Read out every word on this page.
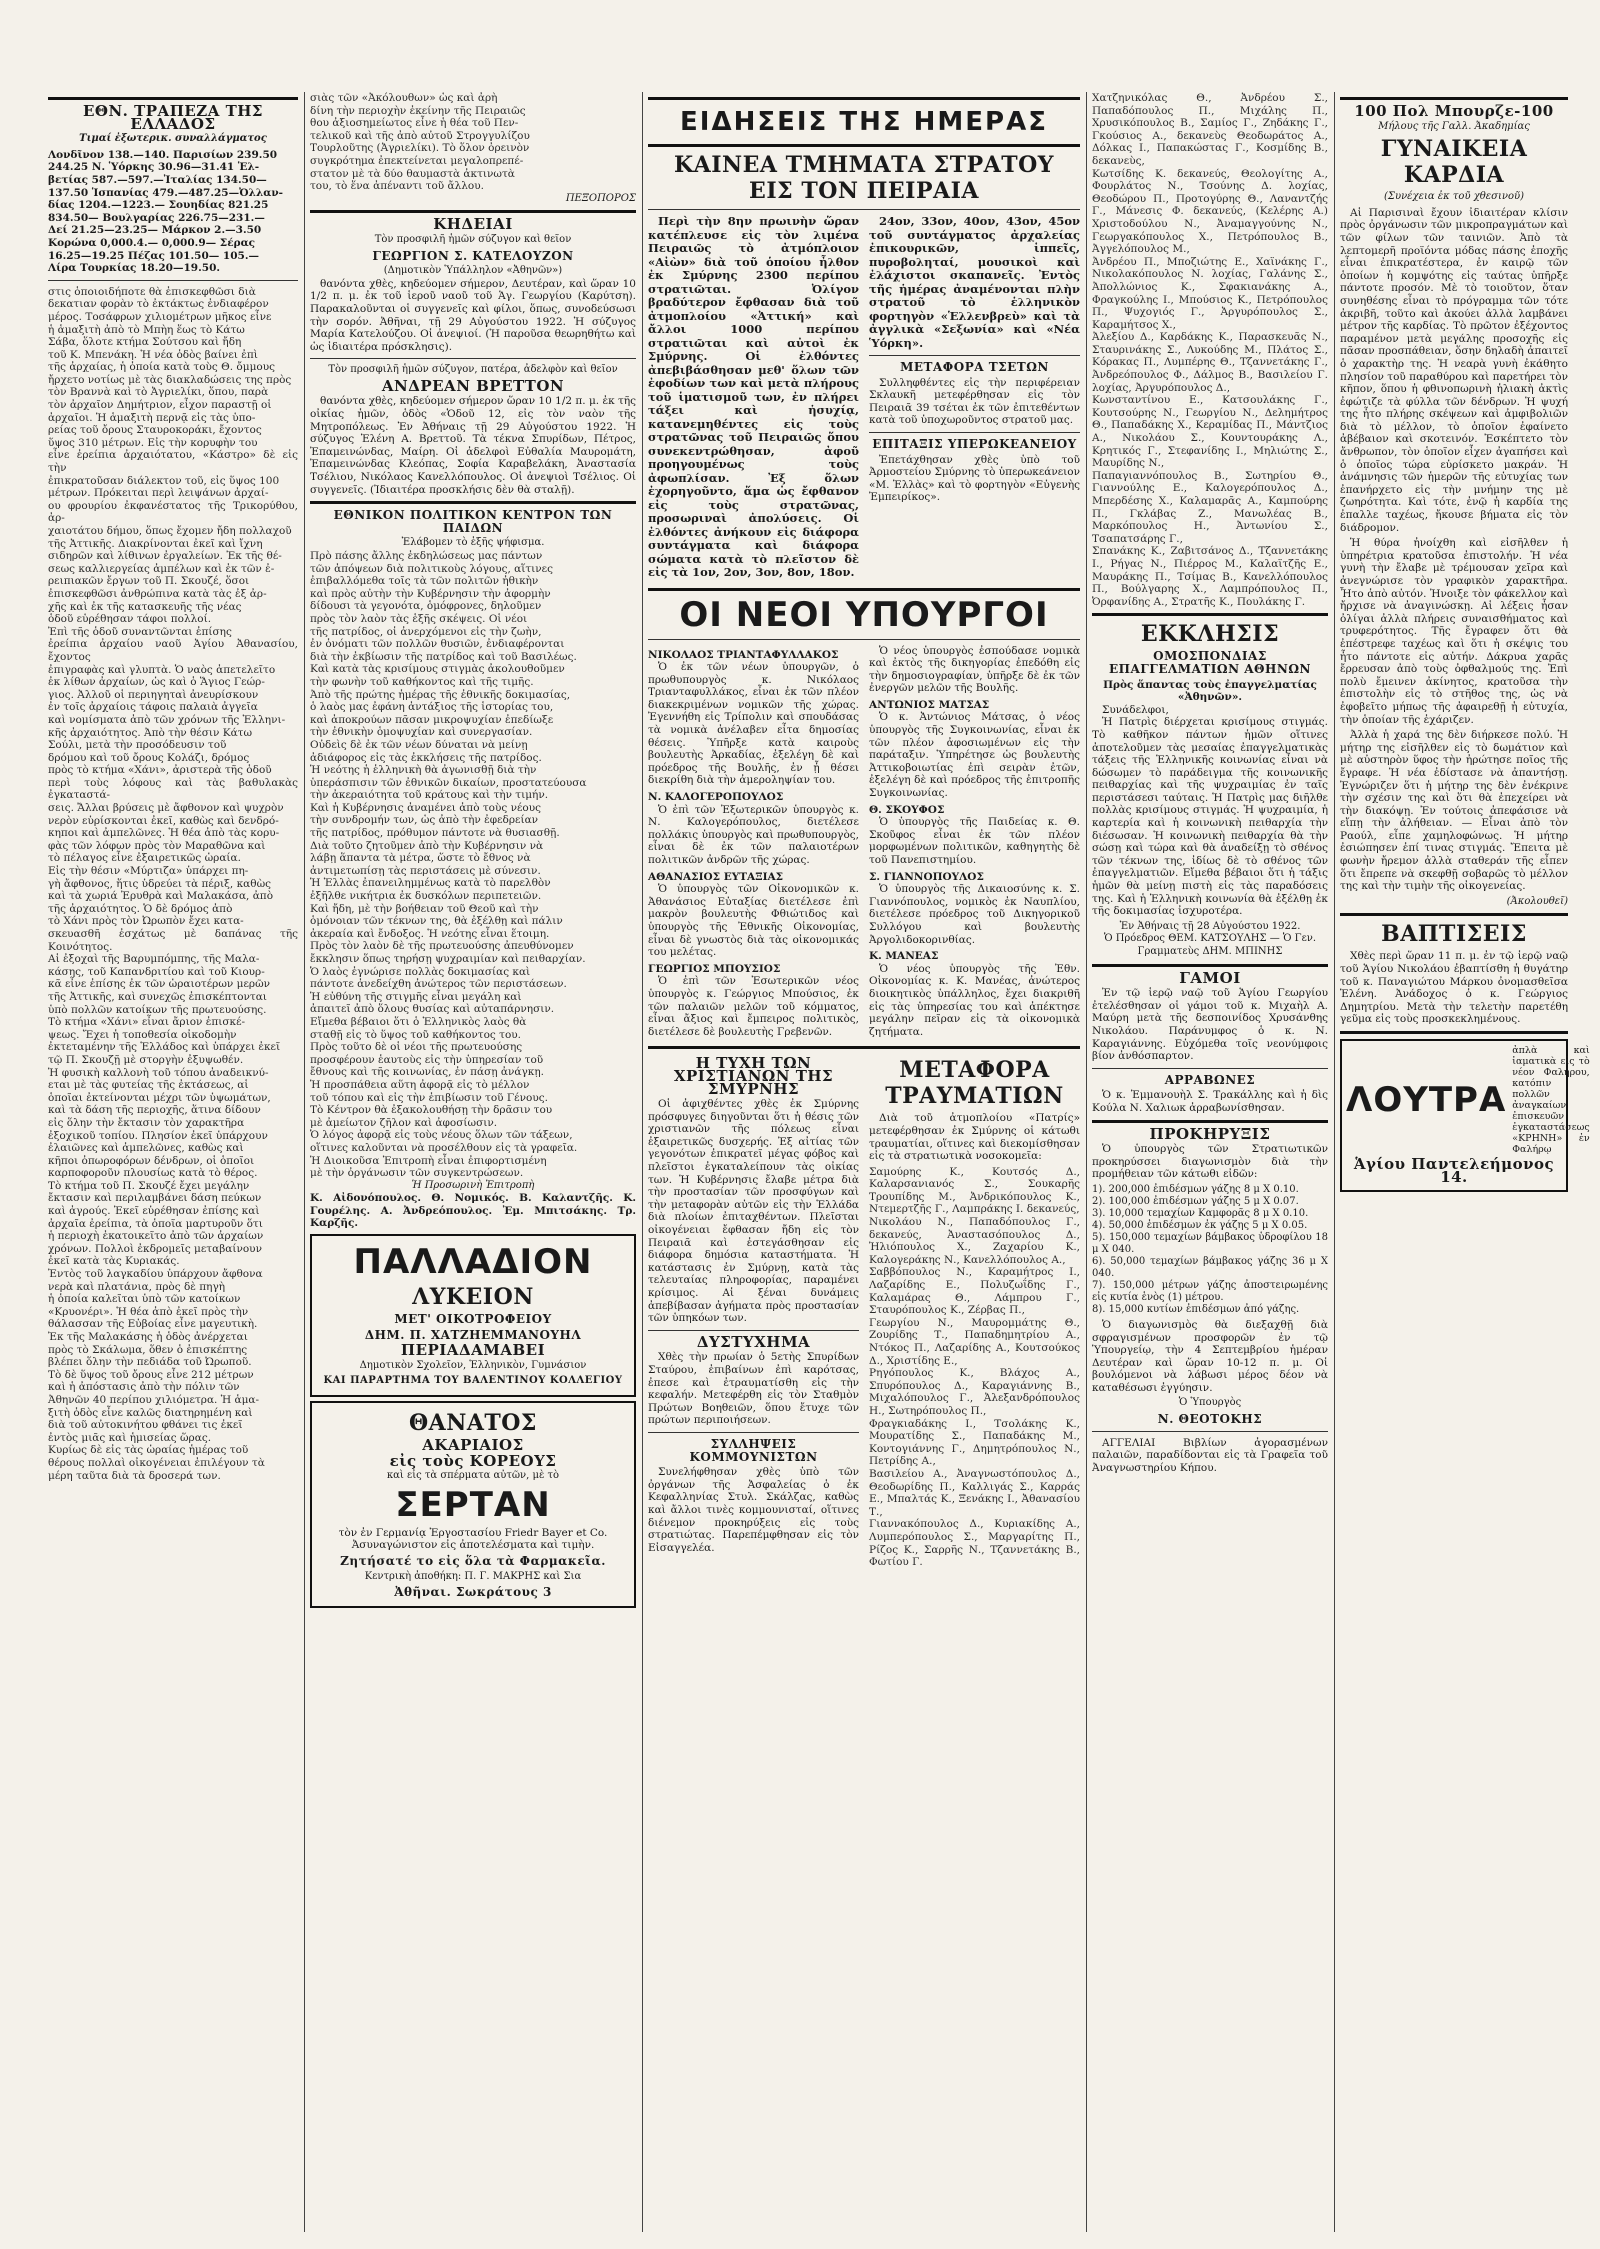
ΕΘΝ. ΤΡΑΠΕΖΑ ΤΗΣ ΕΛΛΑΔΟΣ
Τιμαί ἐξωτερικ. συναλλάγματος
Λονδῖνον 138.—140. Παρισίων 239.50
244.25 Ν. Ὑόρκης 30.96—31.41 Ἑλ-
βετίας 587.—597.—Ἰταλίας 134.50—
137.50 Ἱσπανίας 479.—487.25—Ὀλλαν-
δίας 1204.—1223.— Σουηδίας 821.25
834.50— Βουλγαρίας 226.75—231.—
Δεί 21.25—23.25— Μάρκον 2.—3.50
Κορώνα 0,000.4.— 0,000.9— Σέρας
16.25—19.25 Πέζας 101.50— 105.—
Λίρα Τουρκίας 18.20—19.50.
στις ὁποιοιδήποτε θὰ ἐπισκεφθῶσι διὰ
δεκατιαν φορὰν τὸ ἐκτάκτως ἐνδιαφέρον
μέρος. Τοσάφρων χιλιομέτρων μῆκος εἶνε
ἡ ἁμαξιτὴ ἀπὸ τὸ Μπὴη ἕως τὸ Κάτω
Σάβα, ὅλοτε κτήμα Σούτσου καὶ ἤδη
τοῦ Κ. Μπενάκη. Ἡ νέα ὁδὸς βαίνει ἐπὶ
τῆς ἀρχαίας, ἡ ὁποία κατὰ τοὺς Θ. ὄμμους
ἤρχετο νοτίως μὲ τὰς διακλαδώσεις της πρὸς
τὸν Βραννὰ καὶ τὸ Ἀγριελίκι, ὅπου, παρὰ
τὸν ἀρχαῖον Δημήτριον, εἶχον παραστῇ οἱ
ἀρχαῖοι. Ἡ ἁμαξιτὴ περνᾷ εἰς τὰς ὑπο-
ρείας τοῦ ὄρους Σταυροκοράκι, ἔχοντος
ὕψος 310 μέτρων. Εἰς τὴν κορυφὴν του
εἶνε ἐρείπια ἀρχαιότατου, «Κάστρο» δὲ εἰς τὴν
ἐπικρατοῦσαν διάλεκτον τοῦ, εἰς ὕψος 100
μέτρων. Πρόκειται περὶ λειψάνων ἀρχαί-
ου φρουρίου ἐκφανέστατος τῆς Τρικορύθου, ἀρ-
χαιοτάτου δήμου, ὅπως ἔχομεν ἤδη πολλαχοῦ
τῆς Ἀττικῆς. Διακρίνονται ἐκεῖ καὶ ἴχνη
σιδηρῶν καὶ λίθινων ἐργαλείων. Ἐκ τῆς θέ-
σεως καλλιεργείας ἀμπέλων καὶ ἐκ τῶν ἐ-
ρειπιακῶν ἔργων τοῦ Π. Σκουζέ, ὅσοι
ἐπισκεφθῶσι ἀνθρώπινα κατὰ τὰς ἐξ ἀρ-
χῆς καὶ ἐκ τῆς κατασκευῆς τῆς νέας
ὁδοῦ εὑρέθησαν τάφοι πολλοί.
Ἐπὶ τῆς ὁδοῦ συναντῶνται ἐπίσης
ἐρείπια ἀρχαίου ναοῦ Ἀγίου Ἀθανασίου, ἔχοντος
ἐπιγραφὰς καὶ γλυπτὰ. Ὁ ναὸς ἀπετελεῖτο
ἐκ λίθων ἀρχαίων, ὡς καὶ ὁ Ἅγιος Γεώρ-
γιος. Ἀλλοῦ οἱ περιηγηταὶ ἀνευρίσκουν
ἐν τοῖς ἀρχαίοις τάφοις παλαιὰ ἀγγεῖα
καὶ νομίσματα ἀπὸ τῶν χρόνων τῆς Ἑλληνι-
κῆς ἀρχαιότητος. Ἀπὸ τὴν θέσιν Κάτω
Σούλι, μετὰ τὴν προσόδευσιν τοῦ
δρόμου καὶ τοῦ ὄρους Κολάζι, δρόμος
πρὸς τὸ κτήμα «Χάνι», ἀριστερὰ τῆς ὁδοῦ
περὶ τοὺς λόφους καὶ τὰς βαθυλακὰς ἐγκαταστά-
σεις. Ἄλλαι βρύσεις μὲ ἄφθονον καὶ ψυχρὸν
νερὸν εὑρίσκονται ἐκεῖ, καθὼς καὶ δενδρό-
κηποι καὶ ἀμπελῶνες. Ἡ θέα ἀπὸ τὰς κορυ-
φὰς τῶν λόφων πρὸς τὸν Μαραθῶνα καὶ
τὸ πέλαγος εἶνε ἐξαιρετικῶς ὡραία.
Εἰς τὴν θέσιν «Μύρτιζα» ὑπάρχει πη-
γὴ ἄφθονος, ἥτις ὑδρεύει τὰ πέριξ, καθὼς
καὶ τὰ χωριά Ἐρυθρὰ καὶ Μαλακάσα, ἀπὸ
τῆς ἀρχαιότητος. Ὁ δὲ δρόμος ἀπὸ
τὸ Χάνι πρὸς τὸν Ὠρωπὸν ἔχει κατα-
σκευασθῆ ἐσχάτως μὲ δαπάνας τῆς Κοινότητος.
Αἱ ἐξοχαὶ τῆς Βαρυμπόμπης, τῆς Μαλα-
κάσης, τοῦ Καπανδριτίου καὶ τοῦ Κιουρ-
κᾶ εἶνε ἐπίσης ἐκ τῶν ὡραιοτέρων μερῶν
τῆς Ἀττικῆς, καὶ συνεχῶς ἐπισκέπτονται
ὑπὸ πολλῶν κατοίκων τῆς πρωτευούσης.
Τὸ κτήμα «Χάνι» εἶναι ἄριον ἐπισκέ-
ψεως. Ἔχει ἡ τοποθεσία οἰκοδομὴν
ἐκτεταμένην τῆς Ἑλλάδος καὶ ὑπάρχει ἐκεῖ
τῷ Π. Σκουζῇ μὲ στοργὴν ἐξυψωθέν.
Ἡ φυσικὴ καλλονὴ τοῦ τόπου ἀναδεικνύ-
εται μὲ τὰς φυτείας τῆς ἐκτάσεως, αἱ
ὁποῖαι ἐκτείνονται μέχρι τῶν ὑψωμάτων,
καὶ τὰ δάση τῆς περιοχῆς, ἅτινα δίδουν
εἰς ὅλην τὴν ἔκτασιν τὸν χαρακτῆρα
ἐξοχικοῦ τοπίου. Πλησίον ἐκεῖ ὑπάρχουν
ἐλαιῶνες καὶ ἀμπελῶνες, καθὼς καὶ
κῆποι ὀπωροφόρων δένδρων, οἱ ὁποῖοι
καρποφοροῦν πλουσίως κατὰ τὸ θέρος.
Τὸ κτήμα τοῦ Π. Σκουζέ ἔχει μεγάλην
ἔκτασιν καὶ περιλαμβάνει δάση πεύκων
καὶ ἀγρούς. Ἐκεῖ εὑρέθησαν ἐπίσης καὶ
ἀρχαῖα ἐρείπια, τὰ ὁποῖα μαρτυροῦν ὅτι
ἡ περιοχὴ ἐκατοικεῖτο ἀπὸ τῶν ἀρχαίων
χρόνων. Πολλοὶ ἐκδρομεῖς μεταβαίνουν
ἐκεῖ κατὰ τὰς Κυριακάς.
Ἐντὸς τοῦ λαγκαδίου ὑπάρχουν ἄφθονα
νερὰ καὶ πλατάνια, πρὸς δὲ πηγὴ
ἡ ὁποία καλεῖται ὑπὸ τῶν κατοίκων
«Κρυονέρι». Ἡ θέα ἀπὸ ἐκεῖ πρὸς τὴν
θάλασσαν τῆς Εὐβοίας εἶνε μαγευτικὴ.
Ἐκ τῆς Μαλακάσης ἡ ὁδὸς ἀνέρχεται
πρὸς τὸ Σκάλωμα, ὅθεν ὁ ἐπισκέπτης
βλέπει ὅλην τὴν πεδιάδα τοῦ Ὠρωποῦ.
Τὸ δὲ ὕψος τοῦ ὄρους εἶνε 212 μέτρων
καὶ ἡ ἀπόστασις ἀπὸ τὴν πόλιν τῶν
Ἀθηνῶν 40 περίπου χιλιόμετρα. Ἡ ἁμα-
ξιτὴ ὁδὸς εἶνε καλῶς διατηρημένη καὶ
διὰ τοῦ αὐτοκινήτου φθάνει τις ἐκεῖ
ἐντὸς μιᾶς καὶ ἡμισείας ὥρας.
Κυρίως δὲ εἰς τὰς ὡραίας ἡμέρας τοῦ
θέρους πολλαὶ οἰκογένειαι ἐπιλέγουν τὰ
μέρη ταῦτα διὰ τὰ δροσερά των.
σιὰς τῶν «Ἀκόλουθων» ὡς καὶ ἀρὴ
δίνη τὴν περιοχὴν ἐκείνην τῆς Πειραιῶς
θου ἀξιοσημείωτος εἶνε ἡ θέα τοῦ Πεν-
τελικοῦ καὶ τῆς ἀπὸ αὐτοῦ Στρογγυλίζου
Τουρλοῦτης (Ἀγριελίκι). Τὸ ὅλον ὀρεινὸν
συγκρότημα ἐπεκτείνεται μεγαλοπρεπέ-
στατον μὲ τὰ δύο θαυμαστὰ ἀκτινωτὰ
του, τὸ ἕνα ἀπέναντι τοῦ ἄλλου.
ΠΕΞΟΠΟΡΟΣ
ΚΗΔΕΙΑΙ
Τὸν προσφιλῆ ἡμῶν σύζυγον καὶ θεῖον
ΓΕΩΡΓΙΟΝ Σ. ΚΑΤΕΛΟΥΖΟΝ
(Δημοτικὸν Ὑπάλληλον «Ἀθηνῶν»)

θανόντα χθὲς, κηδεύομεν σήμερον, Δευτέραν, καὶ ὥραν 10 1/2 π. μ. ἐκ τοῦ ἱεροῦ ναοῦ τοῦ Ἁγ. Γεωργίου (Καρύτση). Παρακαλοῦνται οἱ συγγενεῖς καὶ φίλοι, ὅπως, συνοδεύσωσι τὴν σορόν. Ἀθῆναι, τῇ 29 Αὐγούστου 1922. Ἡ σύζυγος Μαρία Κατελούζου. Οἱ ἀνεψιοί. (Ἡ παροῦσα θεωρηθήτω καὶ ὡς ἰδιαιτέρα πρόσκλησις).

Τὸν προσφιλῆ ἡμῶν σύζυγον, πατέρα, ἀδελφὸν καὶ θεῖον
ΑΝΔΡΕΑΝ ΒΡΕΤΤΟΝ

θανόντα χθὲς, κηδεύομεν σήμερον ὥραν 10 1/2 π. μ. ἐκ τῆς οἰκίας ἡμῶν, ὁδὸς «Ὁδοῦ 12, εἰς τὸν ναὸν τῆς Μητροπόλεως. Ἐν Ἀθήναις τῇ 29 Αὐγούστου 1922. Ἡ σύζυγος Ἑλένη Α. Βρεττοῦ. Τὰ τέκνα Σπυρίδων, Πέτρος, Ἐπαμεινώνδας, Μαίρη. Οἱ ἀδελφοὶ Εὐθαλία Μαυρομάτη, Ἐπαμεινώνδας Κλεόπας, Σοφία Καραβελάκη, Ἀναστασία Τσέλιου, Νικόλαος Κανελλόπουλος. Οἱ ἀνεψιοὶ Τσέλιος. Οἱ συγγενεῖς. (Ἰδιαιτέρα προσκλήσις δὲν θὰ σταλῇ).

ΕΘΝΙΚΟΝ ΠΟΛΙΤΙΚΟΝ ΚΕΝΤΡΟΝ ΤΩΝ ΠΑΙΔΩΝ
Ἐλάβομεν τὸ ἑξῆς ψήφισμα.
Πρὸ πάσης ἄλλης ἐκδηλώσεως μας πάντων
τῶν ἀπόψεων διὰ πολιτικοὺς λόγους, αἵτινες
ἐπιβαλλόμεθα τοῖς τὰ τῶν πολιτῶν ἠθικὴν
καὶ πρὸς αὐτὴν τὴν Κυβέρνησιν τὴν ἀφορμὴν
δίδουσι τὰ γεγονότα, ὁμόφρονες, δηλοῦμεν
πρὸς τὸν λαὸν τὰς ἑξῆς σκέψεις. Οἱ νέοι
τῆς πατρίδος, οἱ ἀνερχόμενοι εἰς τὴν ζωὴν,
ἐν ὀνόματι τῶν πολλῶν θυσιῶν, ἐνδιαφέρονται
διὰ τὴν ἐκβίωσιν τῆς πατρίδος καὶ τοῦ Βασιλέως.
Καὶ κατὰ τὰς κρισίμους στιγμὰς ἀκολουθοῦμεν
τὴν φωνὴν τοῦ καθήκοντος καὶ τῆς τιμῆς.
Ἀπὸ τῆς πρώτης ἡμέρας τῆς ἐθνικῆς δοκιμασίας,
ὁ λαὸς μας ἐφάνη ἀντάξιος τῆς ἱστορίας του,
καὶ ἀποκρούων πᾶσαν μικροψυχίαν ἐπεδίωξε
τὴν ἐθνικὴν ὁμοψυχίαν καὶ συνεργασίαν.
Οὐδεὶς δὲ ἐκ τῶν νέων δύναται νὰ μείνῃ
ἀδιάφορος εἰς τὰς ἐκκλήσεις τῆς πατρίδος.
Ἡ νεότης ἡ ἑλληνικὴ θὰ ἀγωνισθῇ διὰ τὴν
ὑπεράσπισιν τῶν ἐθνικῶν δικαίων, προστατεύουσα
τὴν ἀκεραιότητα τοῦ κράτους καὶ τὴν τιμήν.
Καὶ ἡ Κυβέρνησις ἀναμένει ἀπὸ τοὺς νέους
τὴν συνδρομήν των, ὡς ἀπὸ τὴν ἐφεδρείαν
τῆς πατρίδος, πρόθυμον πάντοτε νὰ θυσιασθῇ.
Διὰ τοῦτο ζητοῦμεν ἀπὸ τὴν Κυβέρνησιν νὰ
λάβῃ ἅπαντα τὰ μέτρα, ὥστε τὸ ἔθνος νὰ
ἀντιμετωπίσῃ τὰς περιστάσεις μὲ σύνεσιν.
Ἡ Ἑλλὰς ἐπανειλημμένως κατὰ τὸ παρελθὸν
ἐξῆλθε νικήτρια ἐκ δυσκόλων περιπετειῶν.
Καὶ ἤδη, μὲ τὴν βοήθειαν τοῦ Θεοῦ καὶ τὴν
ὁμόνοιαν τῶν τέκνων της, θὰ ἐξέλθῃ καὶ πάλιν
ἀκεραία καὶ ἔνδοξος. Ἡ νεότης εἶναι ἕτοιμη.
Πρὸς τὸν λαὸν δὲ τῆς πρωτευούσης ἀπευθύνομεν
ἔκκλησιν ὅπως τηρήσῃ ψυχραιμίαν καὶ πειθαρχίαν.
Ὁ λαὸς ἐγνώρισε πολλὰς δοκιμασίας καὶ
πάντοτε ἀνεδείχθη ἀνώτερος τῶν περιστάσεων.
Ἡ εὐθύνη τῆς στιγμῆς εἶναι μεγάλη καὶ
ἀπαιτεῖ ἀπὸ ὅλους θυσίας καὶ αὐταπάρνησιν.
Εἴμεθα βέβαιοι ὅτι ὁ Ἑλληνικὸς λαὸς θὰ
σταθῇ εἰς τὸ ὕψος τοῦ καθήκοντος του.
Πρὸς τοῦτο δὲ οἱ νέοι τῆς πρωτευούσης
προσφέρουν ἑαυτοὺς εἰς τὴν ὑπηρεσίαν τοῦ
ἔθνους καὶ τῆς κοινωνίας, ἐν πάσῃ ἀνάγκῃ.
Ἡ προσπάθεια αὕτη ἀφορᾷ εἰς τὸ μέλλον
τοῦ τόπου καὶ εἰς τὴν ἐπιβίωσιν τοῦ Γένους.
Τὸ Κέντρον θὰ ἐξακολουθήσῃ τὴν δρᾶσιν του
μὲ ἀμείωτον ζῆλον καὶ ἀφοσίωσιν.
Ὁ λόγος ἀφορᾷ εἰς τοὺς νέους ὅλων τῶν τάξεων,
οἵτινες καλοῦνται νὰ προσέλθουν εἰς τὰ γραφεῖα.
Ἡ Διοικοῦσα Ἐπιτροπὴ εἶναι ἐπιφορτισμένη
μὲ τὴν ὀργάνωσιν τῶν συγκεντρώσεων.
Ἡ Προσωρινὴ Ἐπιτροπὴ

Κ. Αἰδονόπουλος. Θ. Νομικός. Β. Καλαντζῆς. Κ. Γουρέλης. Α. Ἀνδρεόπουλος. Ἐμ. Μπιτσάκης. Τρ. Καρζῆς.

ΠΑΛΛΑΔΙΟΝ
ΛΥΚΕΙΟΝ
ΜΕΤ' ΟΙΚΟΤΡΟΦΕΙΟΥ
ΔΗΜ. Π. ΧΑΤΖΗΕΜΜΑΝΟΥΗΛ
ΠΕΡΙΑΔΑΜΑΒΕΙ
Δημοτικὸν Σχολεῖον, Ἑλληνικὸν, Γυμνάσιον
ΚΑΙ ΠΑΡΑΡΤΗΜΑ ΤΟΥ ΒΑΛΕΝΤΙΝΟΥ ΚΟΛΛΕΓΙΟΥ
ΘΑΝΑΤΟΣ
ΑΚΑΡΙΑΙΟΣ
εἰς τοὺς ΚΟΡΕΟΥΣ
καὶ εἰς τὰ σπέρματα αὐτῶν, μὲ τὸ
ΣΕΡΤΑΝ

τὸν ἐν Γερμανίᾳ Ἐργοστασίου Friedr Bayer et Co. Ἀσυναγώνιστον εἰς ἀποτελέσματα καὶ τιμὴν.

Ζητήσατέ το εἰς ὅλα τὰ Φαρμακεῖα.
Κεντρικὴ ἀποθήκη: Π. Γ. ΜΑΚΡΗΣ καὶ Σια
Ἀθῆναι. Σωκράτους 3
ΕΙΔΗΣΕΙΣ ΤΗΣ ΗΜΕΡΑΣ
ΚΑΙΝΕΑ ΤΜΗΜΑΤΑ ΣΤΡΑΤΟΥ ΕΙΣ ΤΟΝ ΠΕΙΡΑΙΑ

Περὶ τὴν 8ην πρωινὴν ὥραν κατέπλευσε εἰς τὸν λιμένα Πειραιῶς τὸ ἀτμόπλοιον «Αἰὼν» διὰ τοῦ ὁποίου ἦλθον ἐκ Σμύρνης 2300 περίπου στρατιῶται. Ὀλίγον βραδύτερον ἔφθασαν διὰ τοῦ ἀτμοπλοίου «Ἀττική» καὶ ἄλλοι 1000 περίπου στρατιῶται καὶ αὐτοὶ ἐκ Σμύρνης. Οἱ ἐλθόντες ἀπεβιβάσθησαν μεθ' ὅλων τῶν ἐφοδίων των καὶ μετὰ πλήρους τοῦ ἱματισμοῦ των, ἐν πλήρει τάξει καὶ ἡσυχίᾳ, κατανεμηθέντες εἰς τοὺς στρατῶνας τοῦ Πειραιῶς ὅπου συνεκεντρώθησαν, ἀφοῦ προηγουμένως τοὺς ἀφωπλίσαν. Ἐξ ὅλων ἐχορηγοῦντο, ἅμα ὡς ἔφθανον εἰς τοὺς στρατῶνας, προσωριναὶ ἀπολύσεις. Οἱ ἐλθόντες ἀνήκουν εἰς διάφορα συντάγματα καὶ διάφορα σώματα κατὰ τὸ πλεῖστον δὲ εἰς τὰ 1ον, 2ον, 3ον, 8ον, 18ον.

24ον, 33ον, 40ον, 43ον, 45ον τοῦ συντάγματος ἀρχαλείας ἐπικουρικῶν, ἱππεῖς, πυροβοληταί, μουσικοὶ καὶ ἐλάχιστοι σκαπανεῖς. Ἐντὸς τῆς ἡμέρας ἀναμένονται πλὴν στρατοῦ τὸ ἑλληνικὸν φορτηγὸν «Ἑλλενβρεὺ» καὶ τὰ ἀγγλικὰ «Σεξωνία» καὶ «Νέα Ὑόρκη».

ΜΕΤΑΦΟΡΑ ΤΣΕΤΩΝ

Συλληφθέντες εἰς τὴν περιφέρειαν Σκλαυκῆ μετεφέρθησαν εἰς τὸν Πειραιᾶ 39 τσέται ἐκ τῶν ἐπιτεθέντων κατὰ τοῦ ὑποχωροῦντος στρατοῦ μας.

ΕΠΙΤΑΞΙΣ ΥΠΕΡΩΚΕΑΝΕΙΟΥ

Ἐπετάχθησαν χθὲς ὑπὸ τοῦ Ἀρμοστείου Σμύρνης τὸ ὑπερωκεάνειον «Μ. Ἑλλὰς» καὶ τὸ φορτηγὸν «Εὐγενὴς Ἐμπειρίκος».

ΟΙ ΝΕΟΙ ΥΠΟΥΡΓΟΙ
ΝΙΚΟΛΑΟΣ ΤΡΙΑΝΤΑΦΥΛΛΑΚΟΣ

Ὁ ἐκ τῶν νέων ὑπουργῶν, ὁ πρωθυπουργὸς κ. Νικόλαος Τριανταφυλλάκος, εἶναι ἐκ τῶν πλέον διακεκριμένων νομικῶν τῆς χώρας. Ἐγεννήθη εἰς Τρίπολιν καὶ σπουδάσας τὰ νομικὰ ἀνέλαβεν εἶτα δημοσίας θέσεις. Ὑπῆρξε κατὰ καιροὺς βουλευτὴς Ἀρκαδίας, ἐξελέγη δὲ καὶ πρόεδρος τῆς Βουλῆς, ἐν ᾗ θέσει διεκρίθη διὰ τὴν ἀμεροληψίαν του.

Ν. ΚΑΛΟΓΕΡΟΠΟΥΛΟΣ

Ὁ ἐπὶ τῶν Ἐξωτερικῶν ὑπουργὸς κ. Ν. Καλογερόπουλος, διετέλεσε πολλάκις ὑπουργὸς καὶ πρωθυπουργὸς, εἶναι δὲ ἐκ τῶν παλαιοτέρων πολιτικῶν ἀνδρῶν τῆς χώρας.

ΑΘΑΝΑΣΙΟΣ ΕΥΤΑΞΙΑΣ

Ὁ ὑπουργὸς τῶν Οἰκονομικῶν κ. Ἀθανάσιος Εὐταξίας διετέλεσε ἐπὶ μακρὸν βουλευτὴς Φθιώτιδος καὶ ὑπουργὸς τῆς Ἐθνικῆς Οἰκονομίας, εἶναι δὲ γνωστὸς διὰ τὰς οἰκονομικάς του μελέτας.

ΓΕΩΡΓΙΟΣ ΜΠΟΥΣΙΟΣ

Ὁ ἐπὶ τῶν Ἐσωτερικῶν νέος ὑπουργὸς κ. Γεώργιος Μπούσιος, ἐκ τῶν παλαιῶν μελῶν τοῦ κόμματος, εἶναι ἄξιος καὶ ἔμπειρος πολιτικὸς, διετέλεσε δὲ βουλευτὴς Γρεβενῶν.

Ὁ νέος ὑπουργὸς ἐσπούδασε νομικὰ καὶ ἐκτὸς τῆς δικηγορίας ἐπεδόθη εἰς τὴν δημοσιογραφίαν, ὑπῆρξε δὲ ἐκ τῶν ἐνεργῶν μελῶν τῆς Βουλῆς.

ΑΝΤΩΝΙΟΣ ΜΑΤΣΑΣ

Ὁ κ. Ἀντώνιος Μάτσας, ὁ νέος ὑπουργὸς τῆς Συγκοινωνίας, εἶναι ἐκ τῶν πλέον ἀφοσιωμένων εἰς τὴν παράταξιν. Ὑπηρέτησε ὡς βουλευτὴς Ἀττικοβοιωτίας ἐπὶ σειρὰν ἐτῶν, ἐξελέγη δὲ καὶ πρόεδρος τῆς ἐπιτροπῆς Συγκοινωνίας.

Θ. ΣΚΟΥΦΟΣ

Ὁ ὑπουργὸς τῆς Παιδείας κ. Θ. Σκοῦφος εἶναι ἐκ τῶν πλέον μορφωμένων πολιτικῶν, καθηγητὴς δὲ τοῦ Πανεπιστημίου.

Σ. ΓΙΑΝΝΟΠΟΥΛΟΣ

Ὁ ὑπουργὸς τῆς Δικαιοσύνης κ. Σ. Γιαννόπουλος, νομικὸς ἐκ Ναυπλίου, διετέλεσε πρόεδρος τοῦ Δικηγορικοῦ Συλλόγου καὶ βουλευτὴς Ἀργολιδοκορινθίας.

Κ. ΜΑΝΕΑΣ

Ὁ νέος ὑπουργὸς τῆς Ἐθν. Οἰκονομίας κ. Κ. Μανέας, ἀνώτερος διοικητικὸς ὑπάλληλος, ἔχει διακριθῆ εἰς τὰς ὑπηρεσίας του καὶ ἀπέκτησε μεγάλην πεῖραν εἰς τὰ οἰκονομικὰ ζητήματα.

Η ΤΥΧΗ ΤΩΝ ΧΡΙΣΤΙΑΝΩΝ ΤΗΣ ΣΜΥΡΝΗΣ

Οἱ ἀφιχθέντες χθὲς ἐκ Σμύρνης πρόσφυγες διηγοῦνται ὅτι ἡ θέσις τῶν χριστιανῶν τῆς πόλεως εἶναι ἐξαιρετικῶς δυσχερής. Ἐξ αἰτίας τῶν γεγονότων ἐπικρατεῖ μέγας φόβος καὶ πλεῖστοι ἐγκαταλείπουν τὰς οἰκίας των. Ἡ Κυβέρνησις ἔλαβε μέτρα διὰ τὴν προστασίαν τῶν προσφύγων καὶ τὴν μεταφορὰν αὐτῶν εἰς τὴν Ἑλλάδα διὰ πλοίων ἐπιταχθέντων. Πλεῖσται οἰκογένειαι ἔφθασαν ἤδη εἰς τὸν Πειραιᾶ καὶ ἐστεγάσθησαν εἰς διάφορα δημόσια καταστήματα. Ἡ κατάστασις ἐν Σμύρνῃ, κατὰ τὰς τελευταίας πληροφορίας, παραμένει κρίσιμος. Αἱ ξέναι δυνάμεις ἀπεβίβασαν ἀγήματα πρὸς προστασίαν τῶν ὑπηκόων των.

ΔΥΣΤΥΧΗΜΑ

Χθὲς τὴν πρωίαν ὁ 5ετὴς Σπυρίδων Σταύρου, ἐπιβαίνων ἐπὶ καρότσας, ἐπεσε καὶ ἐτραυματίσθη εἰς τὴν κεφαλήν. Μετεφέρθη εἰς τὸν Σταθμὸν Πρώτων Βοηθειῶν, ὅπου ἔτυχε τῶν πρώτων περιποιήσεων.

ΣΥΛΛΗΨΕΙΣ ΚΟΜΜΟΥΝΙΣΤΩΝ

Συνελήφθησαν χθὲς ὑπὸ τῶν ὀργάνων τῆς Ἀσφαλείας ὁ ἐκ Κεφαλληνίας Στυλ. Σκάλζας, καθὼς καὶ ἄλλοι τινὲς κομμουνισταί, οἵτινες διένεμον προκηρύξεις εἰς τοὺς στρατιώτας. Παρεπέμφθησαν εἰς τὸν Εἰσαγγελέα.

ΜΕΤΑΦΟΡΑ ΤΡΑΥΜΑΤΙΩΝ

Διὰ τοῦ ἀτμοπλοίου «Πατρίς» μετεφέρθησαν ἐκ Σμύρνης οἱ κάτωθι τραυματίαι, οἵτινες καὶ διεκομίσθησαν εἰς τὰ στρατιωτικὰ νοσοκομεῖα:

Σαμούρης Κ., Κουτσός Δ., Καλαρσανιανός Σ., Σουκαρῆς Τρουπίδης Μ., Ἀνδρικόπουλος Κ., Ντεμερτζῆς Γ., Λαμπράκης Ι. δεκανεύς,
Νικολάου Ν., Παπαδόπουλος Γ., δεκανεύς, Ἀναστασόπουλος Δ., Ἠλιόπουλος Χ., Ζαχαρίου Κ., Καλογεράκης Ν., Κανελλόπουλος Α.,
Σαββόπουλος Ν., Καραμήτρος Ι., Λαζαρίδης Ε., Πολυζωΐδης Γ., Καλαμάρας Θ., Λάμπρου Γ., Σταυρόπουλος Κ., Ζέρβας Π.,
Γεωργίου Ν., Μαυρομμάτης Θ., Ζουρίδης Τ., Παπαδημητρίου Α., Ντόκος Π., Λαζαρίδης Α., Κουτσούκος Δ., Χριστίδης Ε.,
Ρηγόπουλος Κ., Βλάχος Α., Σπυρόπουλος Δ., Καραγιάννης Β., Μιχαλόπουλος Γ., Ἀλεξανδρόπουλος Η., Σωτηρόπουλος Π.,
Φραγκιαδάκης Ι., Τσολάκης Κ., Μουρατίδης Σ., Παπαδάκης Μ., Κοντογιάννης Γ., Δημητρόπουλος Ν., Πετρίδης Α.,
Βασιλείου Α., Ἀναγνωστόπουλος Δ., Θεοδωρίδης Π., Καλλιγάς Σ., Καρράς Ε., Μπαλτάς Κ., Ξενάκης Ι., Ἀθανασίου Τ.,
Γιαννακόπουλος Δ., Κυριακίδης Α., Λυμπερόπουλος Σ., Μαργαρίτης Π., Ρίζος Κ., Σαρρῆς Ν., Τζαννετάκης Β., Φωτίου Γ.
Χατζηνικόλας Θ., Ἀνδρέου Σ., Παπαδόπουλος Π., Μιχάλης Π., Χρυσικόπουλος Β., Σαμίος Γ., Ζηδάκης Γ., Γκούσιος Α., δεκανεὺς Θεοδωράτος Α., Δόλκας Ι., Παπακώστας Γ., Κοσμίδης Β., δεκανεὺς,
Κωτσίδης Κ. δεκανεύς, Θεολογίτης Α., Φουρλάτος Ν., Τσούνης Δ. λοχίας, Θεοδώρου Π., Προτογύρης Θ., Λαναντζής Γ., Μάνεσις Φ. δεκανεύς, (Κελέρης Α.) Χριστοδούλου Ν., Ἀναμαγγούνης Ν., Γεωργακόπουλος Χ., Πετρόπουλος Β., Ἀγγελόπουλος Μ.,
Ἀνδρέου Π., Μποζιώτης Ε., Χαϊνάκης Γ., Νικολακόπουλος Ν. λοχίας, Γαλάνης Σ., Ἀπολλώνιος Κ., Σφακιανάκης Α., Φραγκούλης Ι., Μπούσιος Κ., Πετρόπουλος Π., Ψυχογιός Γ., Ἀργυρόπουλος Σ., Καραμήτσος Χ.,
Ἀλεξίου Δ., Καρδάκης Κ., Παρασκευᾶς Ν., Σταυρινάκης Σ., Λυκούδης Μ., Πλάτος Σ., Κόρακας Π., Λυμπέρης Θ., Τζαννετάκης Γ., Ἀνδρεόπουλος Φ., Δάλμος Β., Βασιλείου Γ. λοχίας, Ἀργυρόπουλος Δ.,
Κωνσταντίνου Ε., Κατσουλάκης Γ., Κουτσούρης Ν., Γεωργίου Ν., Δελημήτρος Θ., Παπαδάκης Χ., Κεραμίδας Π., Μάντζιος Α., Νικολάου Σ., Κουντουράκης Λ., Κρητικός Γ., Στεφανίδης Ι., Μηλιώτης Σ., Μαυρίδης Ν.,
Παπαγιαννόπουλος Β., Σωτηρίου Θ., Γιαννούλης Ε., Καλογερόπουλος Δ., Μπερδέσης Χ., Καλαμαρᾶς Α., Καμπούρης Π., Γκλάβας Ζ., Μανωλέας Β., Μαρκόπουλος Η., Ἀντωνίου Σ., Τσαπατσάρης Γ.,
Σπανάκης Κ., Ζαβιτσάνος Δ., Τζαννετάκης Ι., Ρήγας Ν., Πιέρρος Μ., Καλαϊτζῆς Ε., Μαυράκης Π., Τσίμας Β., Κανελλόπουλος Π., Βούλγαρης Χ., Λαμπρόπουλος Π., Ὀρφανίδης Α., Στρατῆς Κ., Πουλάκης Γ.
ΕΚΚΛΗΣΙΣ
ΟΜΟΣΠΟΝΔΙΑΣ ΕΠΑΓΓΕΛΜΑΤΙΩΝ ΑΘΗΝΩΝ
Πρὸς ἅπαντας τοὺς ἐπαγγελματίας «Ἀθηνῶν».
Συνάδελφοι,

Ἡ Πατρὶς διέρχεται κρισίμους στιγμάς. Τὸ καθῆκον πάντων ἡμῶν οἵτινες ἀποτελοῦμεν τὰς μεσαίας ἐπαγγελματικὰς τάξεις τῆς Ἑλληνικῆς κοινωνίας εἶναι νὰ δώσωμεν τὸ παράδειγμα τῆς κοινωνικῆς πειθαρχίας καὶ τῆς ψυχραιμίας ἐν ταῖς περιστάσεσι ταύταις. Ἡ Πατρὶς μας διῆλθε πολλὰς κρισίμους στιγμάς. Ἡ ψυχραιμία, ἡ καρτερία καὶ ἡ κοινωνικὴ πειθαρχία τὴν διέσωσαν. Ἡ κοινωνικὴ πειθαρχία θὰ τὴν σώσῃ καὶ τώρα καὶ θὰ ἀναδείξῃ τὸ σθένος τῶν τέκνων της, ἰδίως δὲ τὸ σθένος τῶν ἐπαγγελματιῶν. Εἴμεθα βέβαιοι ὅτι ἡ τάξις ἡμῶν θὰ μείνῃ πιστὴ εἰς τὰς παραδόσεις της. Καὶ ἡ Ἑλληνικὴ κοινωνία θὰ ἐξέλθῃ ἐκ τῆς δοκιμασίας ἰσχυροτέρα.

Ἐν Ἀθήναις τῇ 28 Αὐγούστου 1922.
Ὁ Πρόεδρος ΘΕΜ. ΚΑΤΣΟΥΛΗΣ — Ὁ Γεν. Γραμματεὺς ΔΗΜ. ΜΠΙΝΗΣ
ΓΑΜΟΙ

Ἐν τῷ ἱερῷ ναῷ τοῦ Ἁγίου Γεωργίου ἐτελέσθησαν οἱ γάμοι τοῦ κ. Μιχαὴλ Α. Μαύρη μετὰ τῆς δεσποινίδος Χρυσάνθης Νικολάου. Παράνυμφος ὁ κ. Ν. Καραγιάννης. Εὐχόμεθα τοῖς νεονύμφοις βίον ἀνθόσπαρτον.

ΑΡΡΑΒΩΝΕΣ

Ὁ κ. Ἐμμανουὴλ Σ. Τρακάλλης καὶ ἡ δὶς Κούλα Ν. Χαλιωκ ἀρραβωνίσθησαν.

ΠΡΟΚΗΡΥΞΙΣ

Ὁ ὑπουργὸς τῶν Στρατιωτικῶν προκηρύσσει διαγωνισμὸν διὰ τὴν προμήθειαν τῶν κάτωθι εἰδῶν:

1). 200,000 ἐπιδέσμων γάζης 8 μ Χ 0.10.
2). 100,000 ἐπιδέσμων γάζης 5 μ Χ 0.07.
3). 10,000 τεμαχίων Καμφορᾶς 8 μ Χ 0.10.
4). 50,000 ἐπιδέσμων ἐκ γάζης 5 μ Χ 0.05.
5). 150,000 τεμαχίων βάμβακος ὑδροφίλου 18 μ Χ 040.
6). 50,000 τεμαχίων βάμβακος γάζης 36 μ Χ 040.
7). 150,000 μέτρων γάζης ἀποστειρωμένης εἰς κυτία ἑνὸς (1) μέτρου.
8). 15,000 κυτίων ἐπιδέσμων ἀπό γάζης.

Ὁ διαγωνισμὸς θὰ διεξαχθῇ διὰ σφραγισμένων προσφορῶν ἐν τῷ Ὑπουργείῳ, τὴν 4 Σεπτεμβρίου ἡμέραν Δευτέραν καὶ ὥραν 10-12 π. μ. Οἱ βουλόμενοι νὰ λάβωσι μέρος δέον νὰ καταθέσωσι ἐγγύησιν.

Ὁ Ὑπουργὸς
Ν. ΘΕΟΤΟΚΗΣ

ΑΓΓΕΛΙΑΙ Βιβλίων ἀγορασμένων παλαιῶν, παραδίδονται εἰς τὰ Γραφεῖα τοῦ Ἀναγνωστηρίου Κήπου.

100 Πολ Μπουρζε-100
Μήλους τῆς Γαλλ. Ἀκαδημίας
ΓΥΝΑΙΚΕΙΑ ΚΑΡΔΙΑ
(Συνέχεια ἐκ τοῦ χθεσινοῦ)

Αἱ Παρισιναὶ ἔχουν ἰδιαιτέραν κλίσιν πρὸς ὀργάνωσιν τῶν μικροπραγμάτων καὶ τῶν φίλων τῶν ταινιῶν. Ἀπὸ τὰ λεπτομερῆ προϊόντα μόδας πάσης ἐποχῆς εἶναι ἐπικρατέστερα, ἐν καιρῷ τῶν ὁποίων ἡ κομψότης εἰς ταύτας ὑπῆρξε πάντοτε προσόν. Μὲ τὸ τοιοῦτον, ὅταν συνηθέσης εἶναι τὸ πρόγραμμα τῶν τότε ἀκριβῆ, τοῦτο καὶ ἀκούει ἀλλὰ λαμβάνει μέτρον τῆς καρδίας. Τὸ πρῶτον ἐξέχοντος παραμένον μετὰ μεγάλης προσοχῆς εἰς πᾶσαν προσπάθειαν, ὅσην δηλαδὴ ἀπαιτεῖ ὁ χαρακτὴρ της. Ἡ νεαρὰ γυνὴ ἐκάθητο πλησίον τοῦ παραθύρου καὶ παρετήρει τὸν κῆπον, ὅπου ἡ φθινοπωρινὴ ἡλιακὴ ἀκτὶς ἐφώτιζε τὰ φύλλα τῶν δένδρων. Ἡ ψυχή της ἦτο πλήρης σκέψεων καὶ ἀμφιβολιῶν διὰ τὸ μέλλον, τὸ ὁποῖον ἐφαίνετο ἀβέβαιον καὶ σκοτεινόν. Ἐσκέπτετο τὸν ἄνθρωπον, τὸν ὁποῖον εἶχεν ἀγαπήσει καὶ ὁ ὁποῖος τώρα εὑρίσκετο μακράν. Ἡ ἀνάμνησις τῶν ἡμερῶν τῆς εὐτυχίας των ἐπανήρχετο εἰς τὴν μνήμην της μὲ ζωηρότητα. Καὶ τότε, ἐνῷ ἡ καρδία της ἐπαλλε ταχέως, ἤκουσε βήματα εἰς τὸν διάδρομον.

Ἡ θύρα ἠνοίχθη καὶ εἰσῆλθεν ἡ ὑπηρέτρια κρατοῦσα ἐπιστολήν. Ἡ νέα γυνὴ τὴν ἔλαβε μὲ τρέμουσαν χεῖρα καὶ ἀνεγνώρισε τὸν γραφικὸν χαρακτῆρα. Ἦτο ἀπὸ αὐτόν. Ἠνοιξε τὸν φάκελλον καὶ ἤρχισε νὰ ἀναγινώσκῃ. Αἱ λέξεις ἦσαν ὀλίγαι ἀλλὰ πλήρεις συναισθήματος καὶ τρυφερότητος. Τῆς ἔγραφεν ὅτι θὰ ἐπέστρεφε ταχέως καὶ ὅτι ἡ σκέψις του ἦτο πάντοτε εἰς αὐτήν. Δάκρυα χαρᾶς ἔρρευσαν ἀπὸ τοὺς ὀφθαλμούς της. Ἐπὶ πολὺ ἔμεινεν ἀκίνητος, κρατοῦσα τὴν ἐπιστολὴν εἰς τὸ στῆθος της, ὡς νὰ ἐφοβεῖτο μήπως τῆς ἀφαιρεθῇ ἡ εὐτυχία, τὴν ὁποίαν τῆς ἐχάριζεν.

Ἀλλὰ ἡ χαρά της δὲν διήρκεσε πολύ. Ἡ μήτηρ της εἰσῆλθεν εἰς τὸ δωμάτιον καὶ μὲ αὐστηρὸν ὕφος τὴν ἠρώτησε ποῖος τῆς ἔγραφε. Ἡ νέα ἐδίστασε νὰ ἀπαντήσῃ. Ἐγνώριζεν ὅτι ἡ μήτηρ της δὲν ἐνέκρινε τὴν σχέσιν της καὶ ὅτι θὰ ἐπεχείρει νὰ τὴν διακόψῃ. Ἐν τούτοις ἀπεφάσισε νὰ εἴπῃ τὴν ἀλήθειαν. — Εἶναι ἀπὸ τὸν Ραούλ, εἶπε χαμηλοφώνως. Ἡ μήτηρ ἐσιώπησεν ἐπί τινας στιγμάς. Ἔπειτα μὲ φωνὴν ἤρεμον ἀλλὰ σταθεράν τῆς εἶπεν ὅτι ἔπρεπε νὰ σκεφθῇ σοβαρῶς τὸ μέλλον της καὶ τὴν τιμὴν τῆς οἰκογενείας.

(Ἀκολουθεῖ)
ΒΑΠΤΙΣΕΙΣ

Χθὲς περὶ ὥραν 11 π. μ. ἐν τῷ ἱερῷ ναῷ τοῦ Ἁγίου Νικολάου ἐβαπτίσθη ἡ θυγάτηρ τοῦ κ. Παναγιώτου Μάρκου ὀνομασθεῖσα Ἑλένη. Ἀνάδοχος ὁ κ. Γεώργιος Δημητρίου. Μετὰ τὴν τελετὴν παρετέθη γεῦμα εἰς τοὺς προσκεκλημένους.

ΛΟΥΤΡΑ
ἀπλὰ καὶ ἰαματικὰ εἰς τὸ νέον Φαλήρου, κατόπιν πολλῶν ἀναγκαίων ἐπισκευῶν ἐγκαταστάσεως «ΚΡΗΝΗ» ἐν Φαλήρῳ
Ἁγίου Παντελεήμονος 14.
